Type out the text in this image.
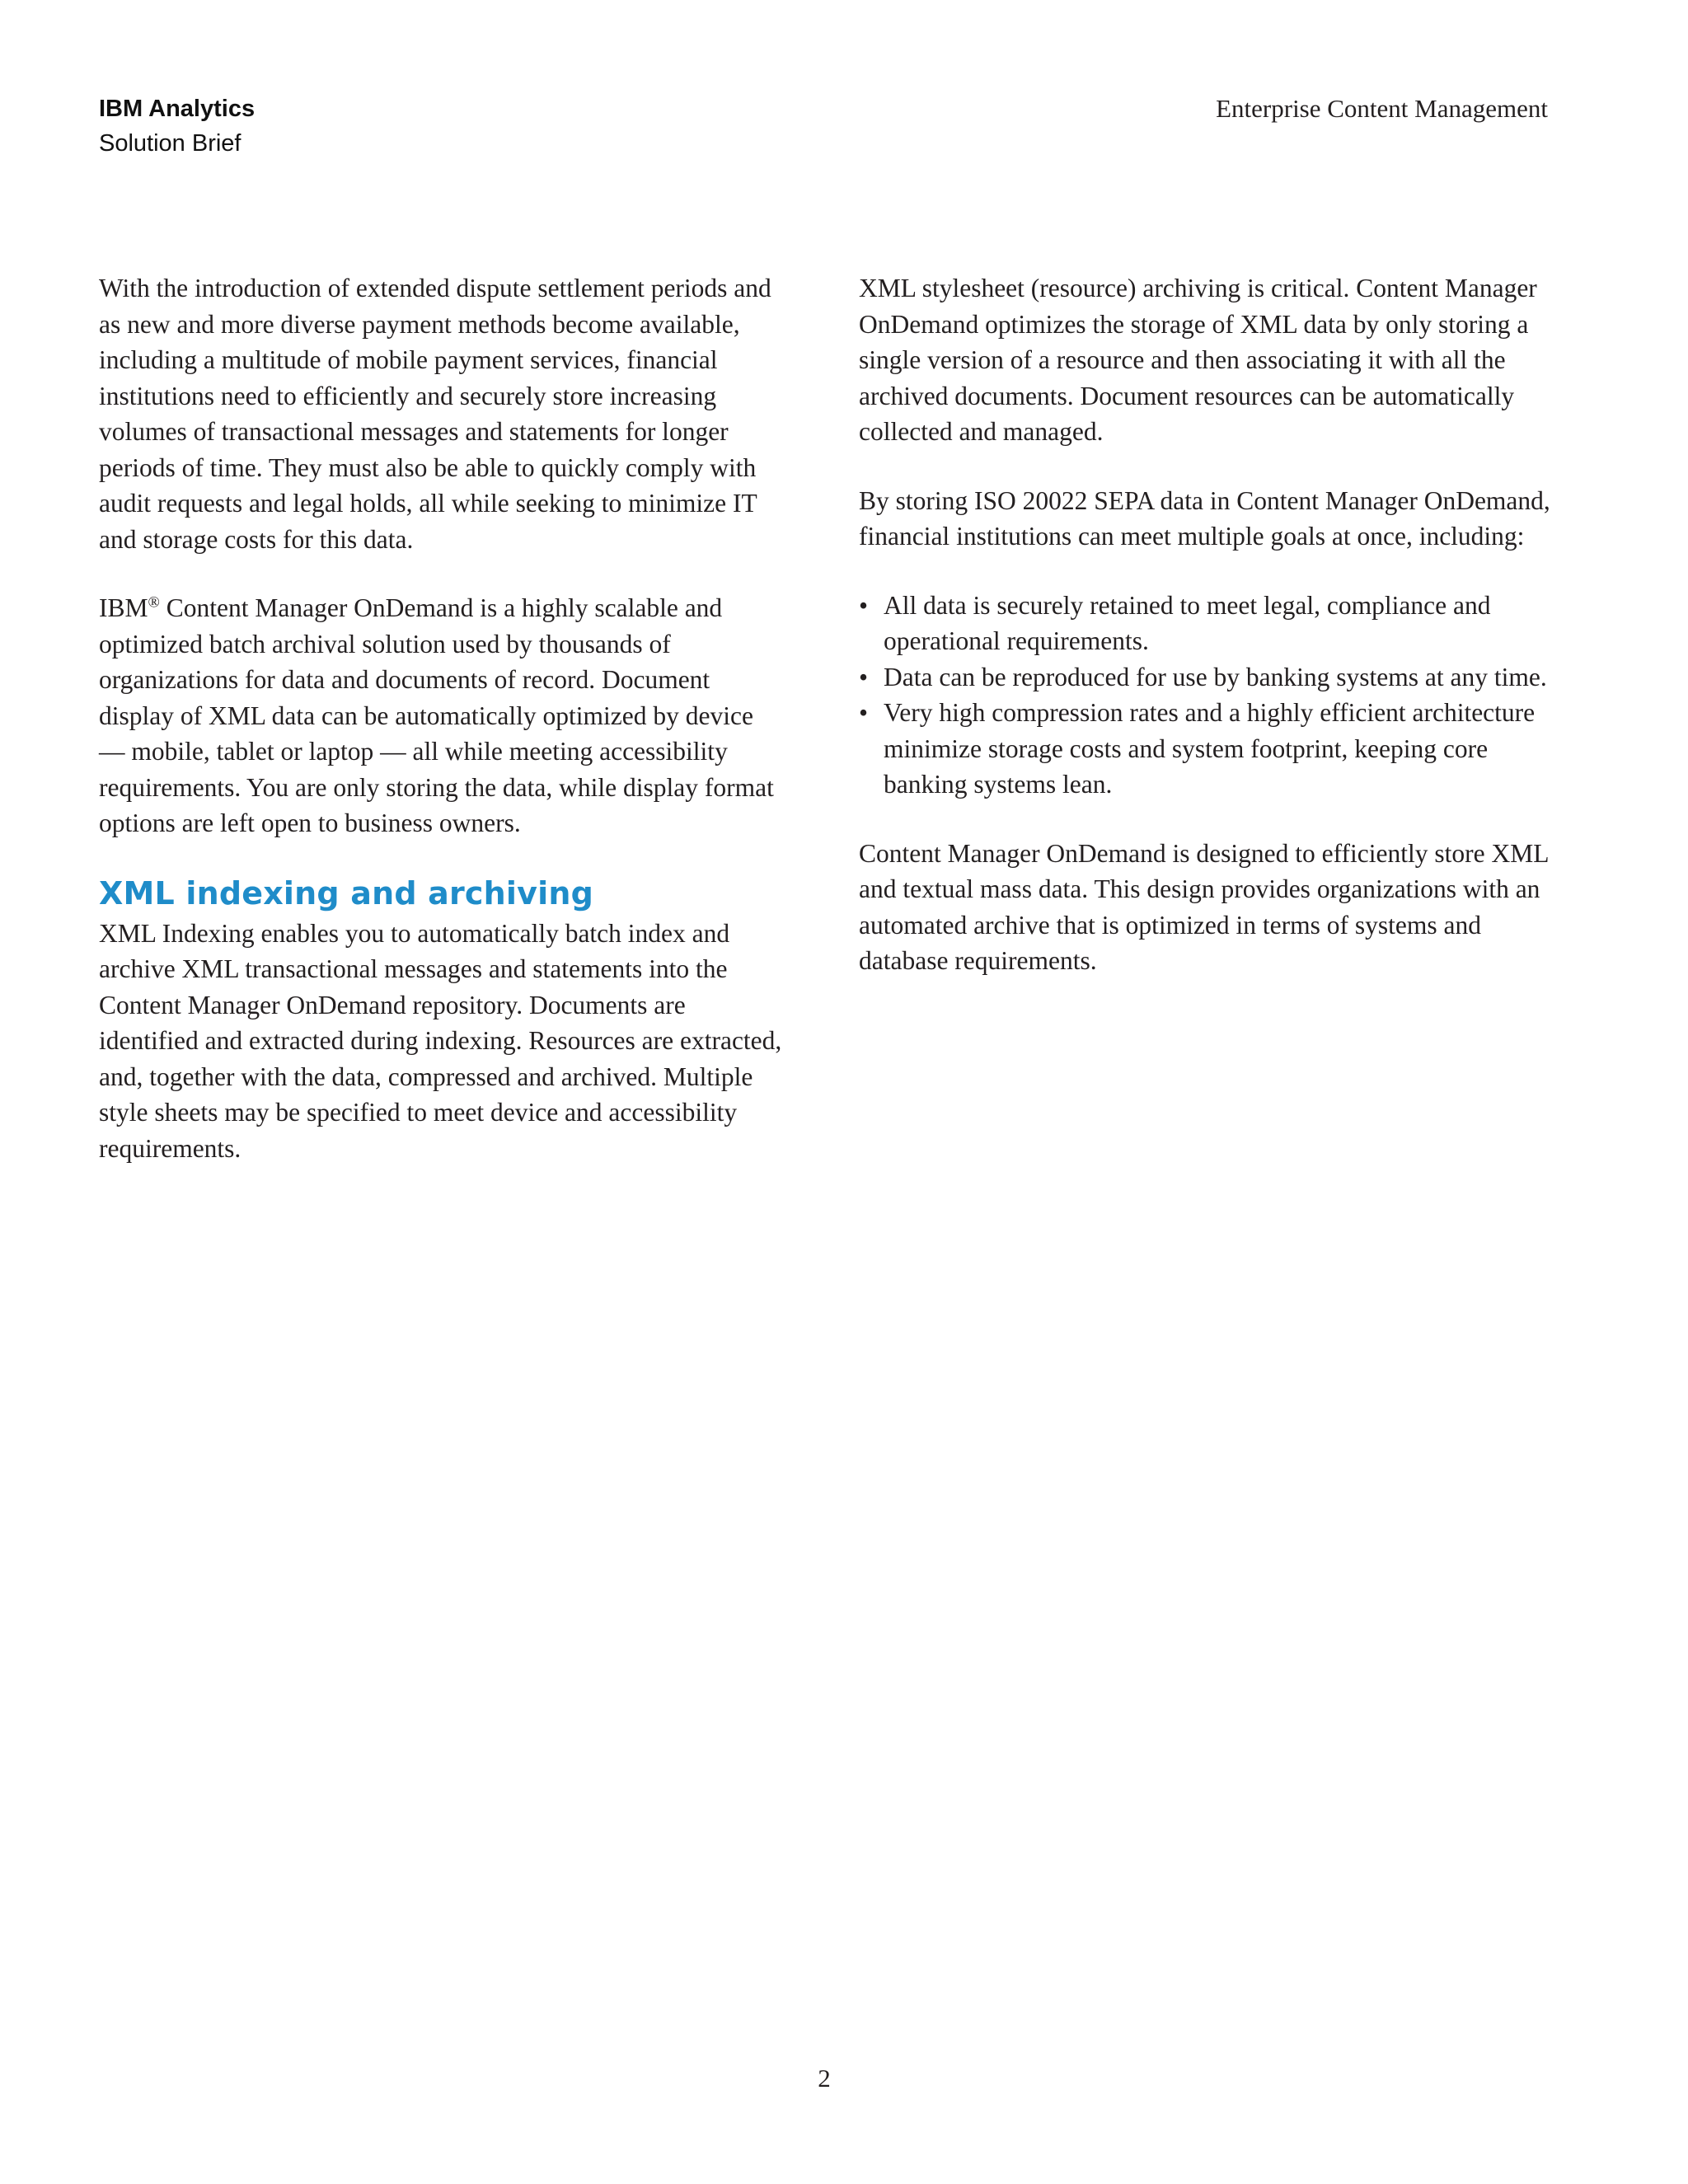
IBM Analytics
Solution Brief
Enterprise Content Management

With the introduction of extended dispute settlement periods and as new and more diverse payment methods become available, including a multitude of mobile payment services, financial institutions need to efficiently and securely store increasing volumes of transactional messages and statements for longer periods of time. They must also be able to quickly comply with audit requests and legal holds, all while seeking to minimize IT and storage costs for this data.

IBM® Content Manager OnDemand is a highly scalable and optimized batch archival solution used by thousands of organizations for data and documents of record. Document display of XML data can be automatically optimized by device — mobile, tablet or laptop — all while meeting accessibility requirements. You are only storing the data, while display format options are left open to business owners.

XML indexing and archiving

XML Indexing enables you to automatically batch index and archive XML transactional messages and statements into the Content Manager OnDemand repository. Documents are identified and extracted during indexing. Resources are extracted, and, together with the data, compressed and archived. Multiple style sheets may be specified to meet device and accessibility requirements.

XML stylesheet (resource) archiving is critical. Content Manager OnDemand optimizes the storage of XML data by only storing a single version of a resource and then associating it with all the archived documents. Document resources can be automatically collected and managed.

By storing ISO 20022 SEPA data in Content Manager OnDemand, financial institutions can meet multiple goals at once, including:

• All data is securely retained to meet legal, compliance and operational requirements.
• Data can be reproduced for use by banking systems at any time.
• Very high compression rates and a highly efficient architecture minimize storage costs and system footprint, keeping core banking systems lean.

Content Manager OnDemand is designed to efficiently store XML and textual mass data. This design provides organizations with an automated archive that is optimized in terms of systems and database requirements.

2
